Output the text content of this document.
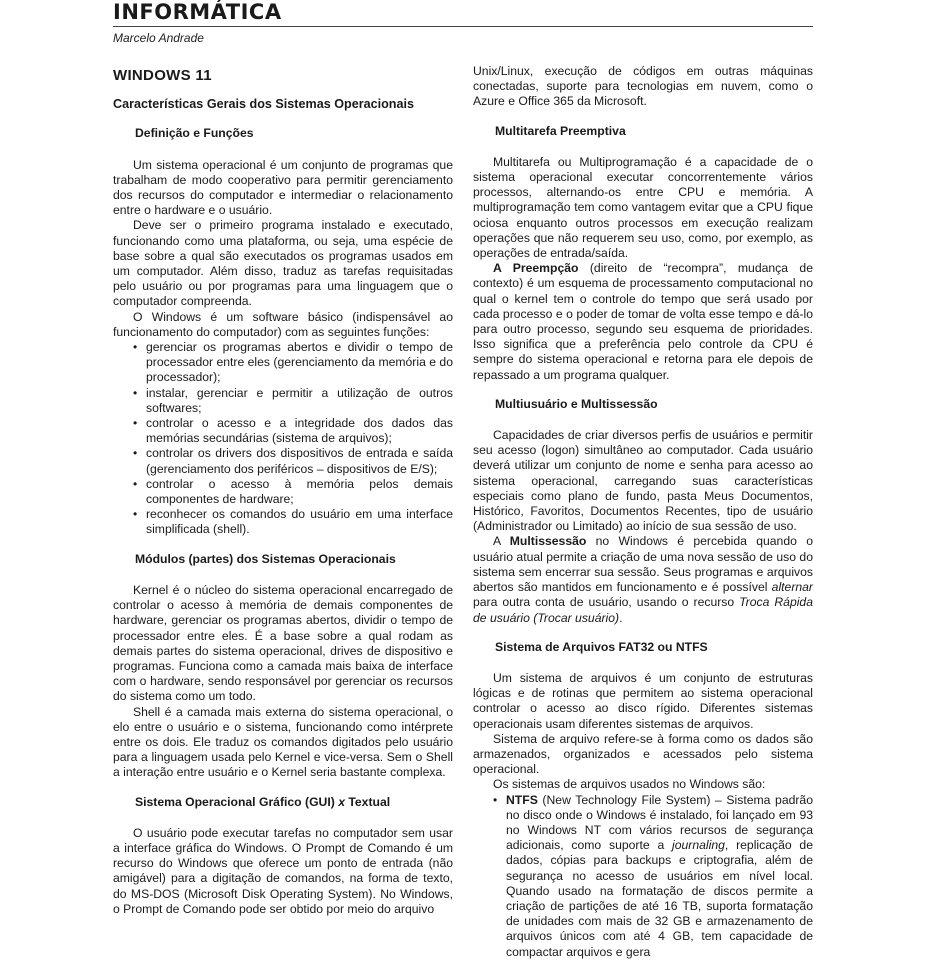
INFORMÁTICA
Marcelo Andrade
WINDOWS 11
Características Gerais dos Sistemas Operacionais
Definição e Funções

Um sistema operacional é um conjunto de programas que trabalham de modo cooperativo para permitir gerenciamento dos recursos do computador e intermediar o relacionamento entre o hardware e o usuário.

Deve ser o primeiro programa instalado e executado, funcionando como uma plataforma, ou seja, uma espécie de base sobre a qual são executados os programas usados em um computador. Além disso, traduz as tarefas requisitadas pelo usuário ou por programas para uma linguagem que o computador compreenda.

O Windows é um software básico (indispensável ao funcionamento do computador) com as seguintes funções:

• gerenciar os programas abertos e dividir o tempo de processador entre eles (gerenciamento da memória e do processador);
• instalar, gerenciar e permitir a utilização de outros softwares;
• controlar o acesso e a integridade dos dados das memórias secundárias (sistema de arquivos);
• controlar os drivers dos dispositivos de entrada e saída (gerenciamento dos periféricos – dispositivos de E/S);
• controlar o acesso à memória pelos demais componentes de hardware;
• reconhecer os comandos do usuário em uma interface simplificada (shell).
Módulos (partes) dos Sistemas Operacionais

Kernel é o núcleo do sistema operacional encarregado de controlar o acesso à memória de demais componentes de hardware, gerenciar os programas abertos, dividir o tempo de processador entre eles. É a base sobre a qual rodam as demais partes do sistema operacional, drives de dispositivo e programas. Funciona como a camada mais baixa de interface com o hardware, sendo responsável por gerenciar os recursos do sistema como um todo.

Shell é a camada mais externa do sistema operacional, o elo entre o usuário e o sistema, funcionando como intérprete entre os dois. Ele traduz os comandos digitados pelo usuário para a linguagem usada pelo Kernel e vice-versa. Sem o Shell a interação entre usuário e o Kernel seria bastante complexa.

Sistema Operacional Gráfico (GUI) x Textual

O usuário pode executar tarefas no computador sem usar a interface gráfica do Windows. O Prompt de Comando é um recurso do Windows que oferece um ponto de entrada (não amigável) para a digitação de comandos, na forma de texto, do MS-DOS (Microsoft Disk Operating System). No Windows, o Prompt de Comando pode ser obtido por meio do arquivo

Unix/Linux, execução de códigos em outras máquinas conectadas, suporte para tecnologias em nuvem, como o Azure e Office 365 da Microsoft.

Multitarefa Preemptiva

Multitarefa ou Multiprogramação é a capacidade de o sistema operacional executar concorrentemente vários processos, alternando-os entre CPU e memória. A multiprogramação tem como vantagem evitar que a CPU fique ociosa enquanto outros processos em execução realizam operações que não requerem seu uso, como, por exemplo, as operações de entrada/saída.

A Preempção (direito de “recompra”, mudança de contexto) é um esquema de processamento computacional no qual o kernel tem o controle do tempo que será usado por cada processo e o poder de tomar de volta esse tempo e dá-lo para outro processo, segundo seu esquema de prioridades. Isso significa que a preferência pelo controle da CPU é sempre do sistema operacional e retorna para ele depois de repassado a um programa qualquer.

Multiusuário e Multissessão

Capacidades de criar diversos perfis de usuários e permitir seu acesso (logon) simultâneo ao computador. Cada usuário deverá utilizar um conjunto de nome e senha para acesso ao sistema operacional, carregando suas características especiais como plano de fundo, pasta Meus Documentos, Histórico, Favoritos, Documentos Recentes, tipo de usuário (Administrador ou Limitado) ao início de sua sessão de uso.

A Multissessão no Windows é percebida quando o usuário atual permite a criação de uma nova sessão de uso do sistema sem encerrar sua sessão. Seus programas e arquivos abertos são mantidos em funcionamento e é possível alternar para outra conta de usuário, usando o recurso Troca Rápida de usuário (Trocar usuário).

Sistema de Arquivos FAT32 ou NTFS

Um sistema de arquivos é um conjunto de estruturas lógicas e de rotinas que permitem ao sistema operacional controlar o acesso ao disco rígido. Diferentes sistemas operacionais usam diferentes sistemas de arquivos.

Sistema de arquivo refere-se à forma como os dados são armazenados, organizados e acessados pelo sistema operacional.

Os sistemas de arquivos usados no Windows são:

• NTFS (New Technology File System) – Sistema padrão no disco onde o Windows é instalado, foi lançado em 93 no Windows NT com vários recursos de segurança adicionais, como suporte a journaling, replicação de dados, cópias para backups e criptografia, além de segurança no acesso de usuários em nível local. Quando usado na formatação de discos permite a criação de partições de até 16 TB, suporta formatação de unidades com mais de 32 GB e armazenamento de arquivos únicos com até 4 GB, tem capacidade de compactar arquivos e gera
